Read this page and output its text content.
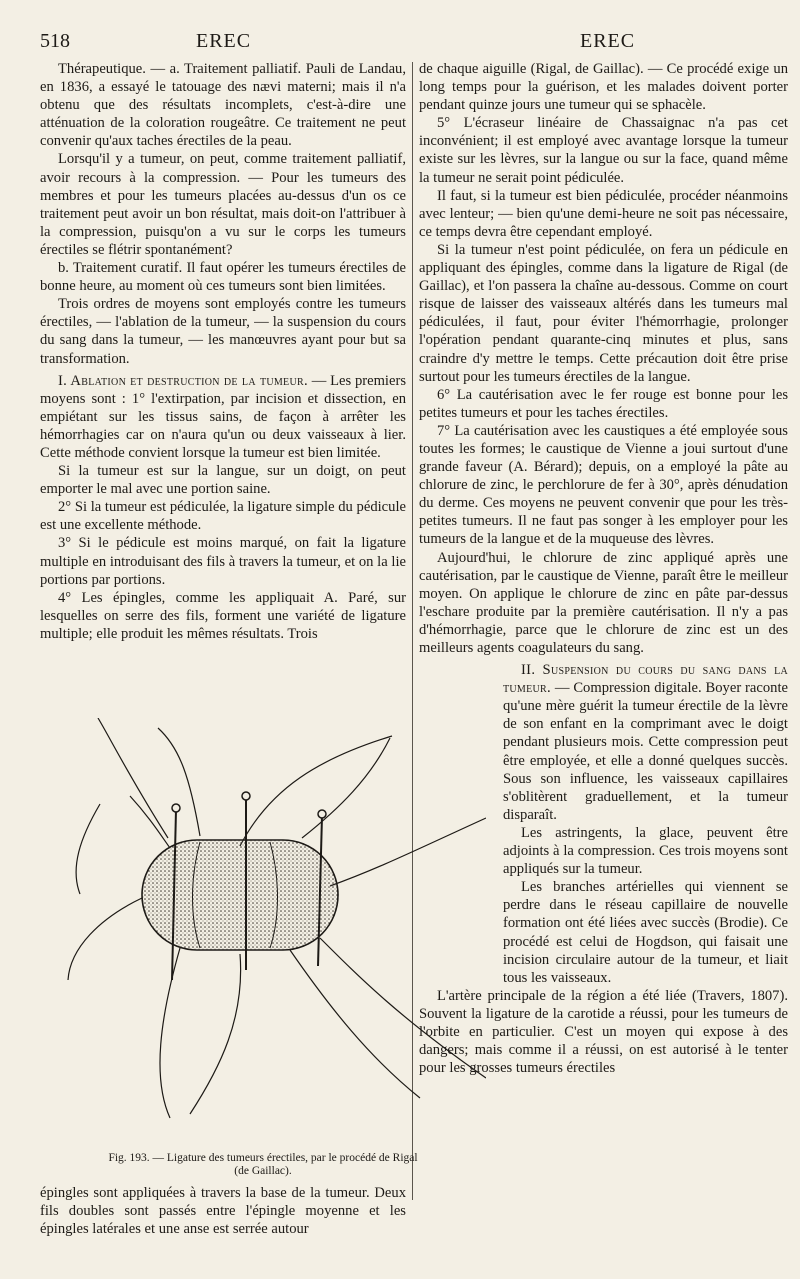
518	EREC	EREC

Thérapeutique. — a. Traitement palliatif. Pauli de Landau, en 1836, a essayé le tatouage des nævi materni; mais il n'a obtenu que des résultats incomplets, c'est-à-dire une atténuation de la coloration rougeâtre. Ce traitement ne peut convenir qu'aux taches érectiles de la peau.

Lorsqu'il y a tumeur, on peut, comme traitement palliatif, avoir recours à la compression. — Pour les tumeurs des membres et pour les tumeurs placées au-dessus d'un os ce traitement peut avoir un bon résultat, mais doit-on l'attribuer à la compression, puisqu'on a vu sur le corps les tumeurs érectiles se flétrir spontanément?

b. Traitement curatif. Il faut opérer les tumeurs érectiles de bonne heure, au moment où ces tumeurs sont bien limitées.

Trois ordres de moyens sont employés contre les tumeurs érectiles, — l'ablation de la tumeur, — la suspension du cours du sang dans la tumeur, — les manœuvres ayant pour but sa transformation.

I. Ablation et destruction de la tumeur. — Les premiers moyens sont : 1° l'extirpation, par incision et dissection, en empiétant sur les tissus sains, de façon à arrêter les hémorrhagies car on n'aura qu'un ou deux vaisseaux à lier. Cette méthode convient lorsque la tumeur est bien limitée.

Si la tumeur est sur la langue, sur un doigt, on peut emporter le mal avec une portion saine.

2° Si la tumeur est pédiculée, la ligature simple du pédicule est une excellente méthode.

3° Si le pédicule est moins marqué, on fait la ligature multiple en introduisant des fils à travers la tumeur, et on la lie portions par portions.

4° Les épingles, comme les appliquait A. Paré, sur lesquelles on serre des fils, forment une variété de ligature multiple; elle produit les mêmes résultats. Trois

Fig. 193. — Ligature des tumeurs érectiles, par le procédé de Rigal
(de Gaillac).

épingles sont appliquées à travers la base de la tumeur. Deux fils doubles sont passés entre l'épingle moyenne et les épingles latérales et une anse est serrée autour

de chaque aiguille (Rigal, de Gaillac). — Ce procédé exige un long temps pour la guérison, et les malades doivent porter pendant quinze jours une tumeur qui se sphacèle.

5° L'écraseur linéaire de Chassaignac n'a pas cet inconvénient; il est employé avec avantage lorsque la tumeur existe sur les lèvres, sur la langue ou sur la face, quand même la tumeur ne serait point pédiculée.

Il faut, si la tumeur est bien pédiculée, procéder néanmoins avec lenteur; — bien qu'une demi-heure ne soit pas nécessaire, ce temps devra être cependant employé.

Si la tumeur n'est point pédiculée, on fera un pédicule en appliquant des épingles, comme dans la ligature de Rigal (de Gaillac), et l'on passera la chaîne au-dessous. Comme on court risque de laisser des vaisseaux altérés dans les tumeurs mal pédiculées, il faut, pour éviter l'hémorrhagie, prolonger l'opération pendant quarante-cinq minutes et plus, sans craindre d'y mettre le temps. Cette précaution doit être prise surtout pour les tumeurs érectiles de la langue.

6° La cautérisation avec le fer rouge est bonne pour les petites tumeurs et pour les taches érectiles.

7° La cautérisation avec les caustiques a été employée sous toutes les formes; le caustique de Vienne a joui surtout d'une grande faveur (A. Bérard); depuis, on a employé la pâte au chlorure de zinc, le perchlorure de fer à 30°, après dénudation du derme. Ces moyens ne peuvent convenir que pour les très-petites tumeurs. Il ne faut pas songer à les employer pour les tumeurs de la langue et de la muqueuse des lèvres.

Aujourd'hui, le chlorure de zinc appliqué après une cautérisation, par le caustique de Vienne, paraît être le meilleur moyen. On applique le chlorure de zinc en pâte par-dessus l'eschare produite par la première cautérisation. Il n'y a pas d'hémorrhagie, parce que le chlorure de zinc est un des meilleurs agents coagulateurs du sang.

II. Suspension du cours du sang dans la tumeur. — Compression digitale. Boyer raconte qu'une mère guérit la tumeur érectile de la lèvre de son enfant en la comprimant avec le doigt pendant plusieurs mois. Cette compression peut être employée, et elle a donné quelques succès. Sous son influence, les vaisseaux capillaires s'oblitèrent graduellement, et la tumeur disparaît.

Les astringents, la glace, peuvent être adjoints à la compression. Ces trois moyens sont appliqués sur la tumeur.

Les branches artérielles qui viennent se perdre dans le réseau capillaire de nouvelle formation ont été liées avec succès (Brodie). Ce procédé est celui de Hogdson, qui faisait une incision circulaire autour de la tumeur, et liait tous les vaisseaux.

L'artère principale de la région a été liée (Travers, 1807). Souvent la ligature de la carotide a réussi, pour les tumeurs de l'orbite en particulier. C'est un moyen qui expose à des dangers; mais comme il a réussi, on est autorisé à le tenter pour les grosses tumeurs érectiles
